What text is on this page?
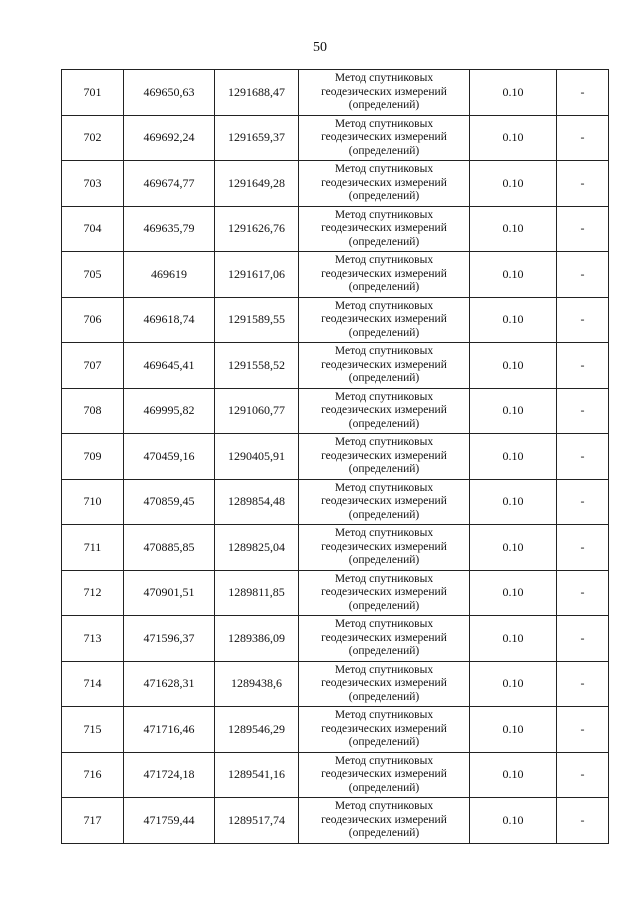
50
701	469650,63	1291688,47	Метод спутниковых геодезических измерений (определений)	0.10	-
702	469692,24	1291659,37	Метод спутниковых геодезических измерений (определений)	0.10	-
703	469674,77	1291649,28	Метод спутниковых геодезических измерений (определений)	0.10	-
704	469635,79	1291626,76	Метод спутниковых геодезических измерений (определений)	0.10	-
705	469619	1291617,06	Метод спутниковых геодезических измерений (определений)	0.10	-
706	469618,74	1291589,55	Метод спутниковых геодезических измерений (определений)	0.10	-
707	469645,41	1291558,52	Метод спутниковых геодезических измерений (определений)	0.10	-
708	469995,82	1291060,77	Метод спутниковых геодезических измерений (определений)	0.10	-
709	470459,16	1290405,91	Метод спутниковых геодезических измерений (определений)	0.10	-
710	470859,45	1289854,48	Метод спутниковых геодезических измерений (определений)	0.10	-
711	470885,85	1289825,04	Метод спутниковых геодезических измерений (определений)	0.10	-
712	470901,51	1289811,85	Метод спутниковых геодезических измерений (определений)	0.10	-
713	471596,37	1289386,09	Метод спутниковых геодезических измерений (определений)	0.10	-
714	471628,31	1289438,6	Метод спутниковых геодезических измерений (определений)	0.10	-
715	471716,46	1289546,29	Метод спутниковых геодезических измерений (определений)	0.10	-
716	471724,18	1289541,16	Метод спутниковых геодезических измерений (определений)	0.10	-
717	471759,44	1289517,74	Метод спутниковых геодезических измерений (определений)	0.10	-
